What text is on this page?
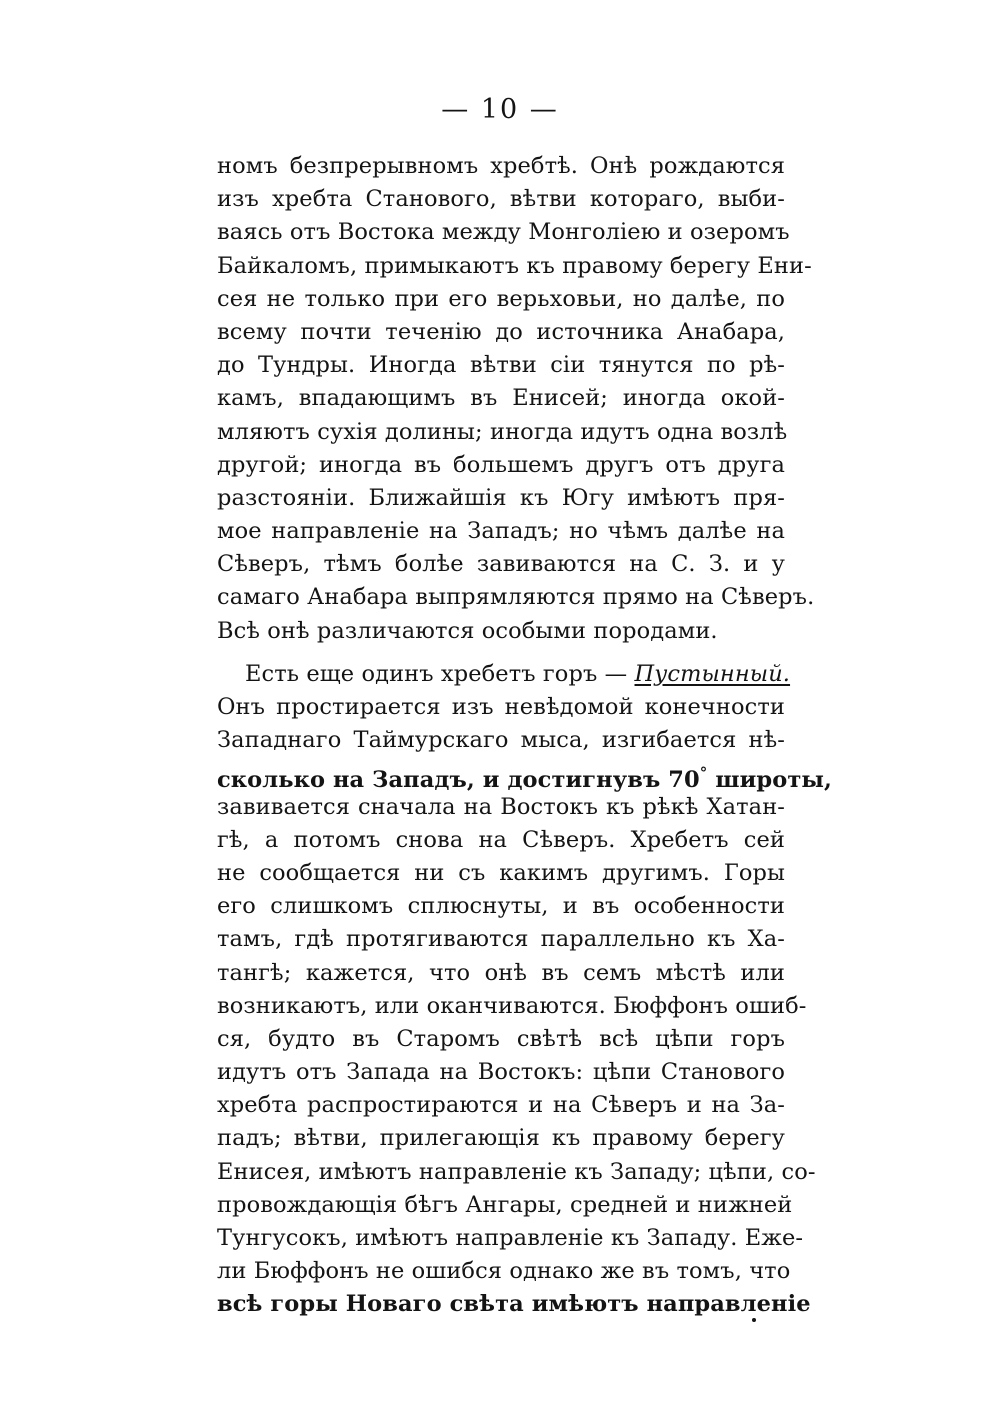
— 10 —
номъ безпрерывномъ хребтѣ. Онѣ рождаются
изъ хребта Станового, вѣтви котораго, выби-
ваясь отъ Востока между Монголіею и озеромъ
Байкаломъ, примыкаютъ къ правому берегу Ени-
сея не только при его верьховьи, но далѣе, по
всему почти теченію до источника Анабара,
до Тундры. Иногда вѣтви сіи тянутся по рѣ-
камъ, впадающимъ въ Енисей; иногда окой-
мляютъ сухія долины; иногда идутъ одна возлѣ
другой; иногда въ большемъ другъ отъ друга
разстояніи. Ближайшія къ Югу имѣютъ пря-
мое направленіе на Западъ; но чѣмъ далѣе на
Сѣверъ, тѣмъ болѣе завиваются на С. З. и у
самаго Анабара выпрямляются прямо на Сѣверъ.
Всѣ онѣ различаются особыми породами.
Есть еще одинъ хребетъ горъ — Пустынный.
Онъ простирается изъ невѣдомой конечности
Западнаго Таймурскаго мыса, изгибается нѣ-
сколько на Западъ, и достигнувъ 70° широты,
завивается сначала на Востокъ къ рѣкѣ Хатан-
гѣ, а потомъ снова на Сѣверъ. Хребетъ сей
не сообщается ни съ какимъ другимъ. Горы
его слишкомъ сплюснуты, и въ особенности
тамъ, гдѣ протягиваются параллельно къ Ха-
тангѣ; кажется, что онѣ въ семъ мѣстѣ или
возникаютъ, или оканчиваются. Бюффонъ ошиб-
ся, будто въ Старомъ свѣтѣ всѣ цѣпи горъ
идутъ отъ Запада на Востокъ: цѣпи Станового
хребта распростираются и на Сѣверъ и на За-
падъ; вѣтви, прилегающія къ правому берегу
Енисея, имѣютъ направленіе къ Западу; цѣпи, со-
провождающія бѣгъ Ангары, средней и нижней
Тунгусокъ, имѣютъ направленіе къ Западу. Еже-
ли Бюффонъ не ошибся однако же въ томъ, что
всѣ горы Новаго свѣта имѣютъ направленіе
